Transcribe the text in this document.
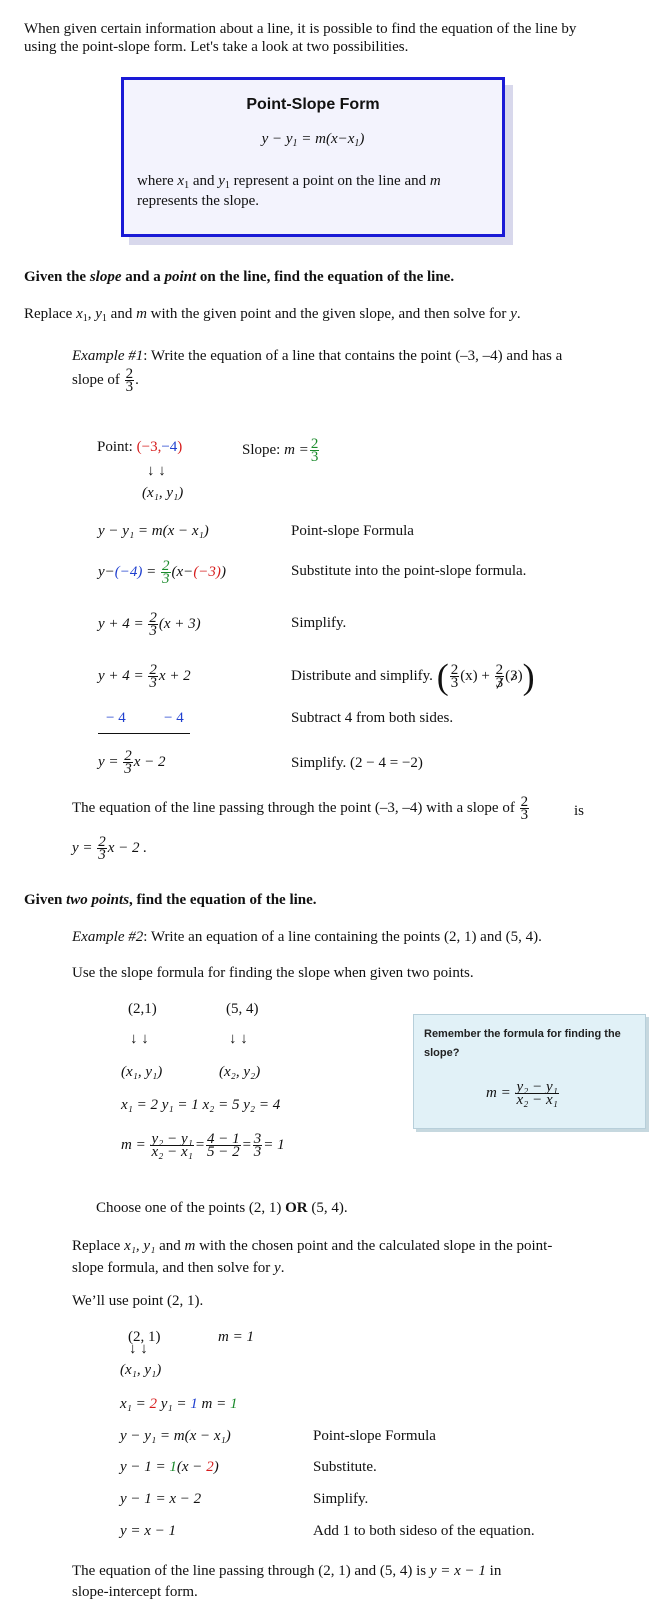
When given certain information about a line, it is possible to find the equation of the line by using the point-slope form. Let's take a look at two possibilities.
Point-Slope Form
$y - y_1 = m(x-x_1)$
where $x_1$ and $y_1$ represent a point on the line and m
represents the slope.
Given the slope and a point on the line, find the equation of the line.
Replace $x_1$, $y_1$ and m with the given point and the given slope, and then solve for y.
Example #1: Write the equation of a line that contains the point (–3, –4) and has a
slope of $\frac{2}{3}$ .
Point: (−3,−4)	Slope: $m = \frac{2}{3}$
↓ ↓
(x₁, y₁)
y − y₁ = m(x − x₁)	Point-slope Formula
$y-(-4) = \frac{2}{3} (x-(-3))$	Substitute into the point-slope formula.
$y + 4 = \frac{2}{3} (x + 3)$	Simplify.
$y + 4 = \frac{2}{3}$ x + 2	Distribute and simplify. ( $\frac{2}{3} (x) + \frac{2}{3} (3)$)
− 4	− 4	Subtract 4 from both sides.
$y = \frac{2}{3}$ x − 2	Simplify. (2 − 4 = −2)
The equation of the line passing through the point (–3, –4) with a slope of $\frac{2}{3}$	is
$y = \frac{2}{3}$ x − 2 .
Given two points, find the equation of the line.
Example #2: Write an equation of a line containing the points (2, 1) and (5, 4).
Use the slope formula for finding the slope when given two points.
(2,1)	(5, 4)
↓ ↓	↓ ↓
(x₁, y₁)	(x₂, y₂)
x₁ = 2 y₁ = 1 x₂ = 5 y₂ = 4
$m = \frac{\text{y₂ − y₁}}{\text{x₂ − x₁}} = \frac{4 - 1}{5 - 2} = \frac{3}{3} = 1$
Remember the formula for finding the slope?
$m = \frac{\text{y₂ − y₁}}{\text{x₂ − x₁}}$
Choose one of the points (2, 1) OR (5, 4).
Replace x₁, y₁ and m with the chosen point and the calculated slope in the point-
slope formula, and then solve for y.
We’ll use point (2, 1).
(2, 1)	m = 1
↓ ↓
(x₁, y₁)
x₁ = 2 y₁ = 1 m = 1
y − y₁ = m(x − x₁)	Point-slope Formula
y − 1 = 1(x − 2)	Substitute.
y − 1 = x − 2	Simplify.
y = x − 1	Add 1 to both sideso of the equation.
The equation of the line passing through (2, 1) and (5, 4) is y = x − 1 in
slope-intercept form.
